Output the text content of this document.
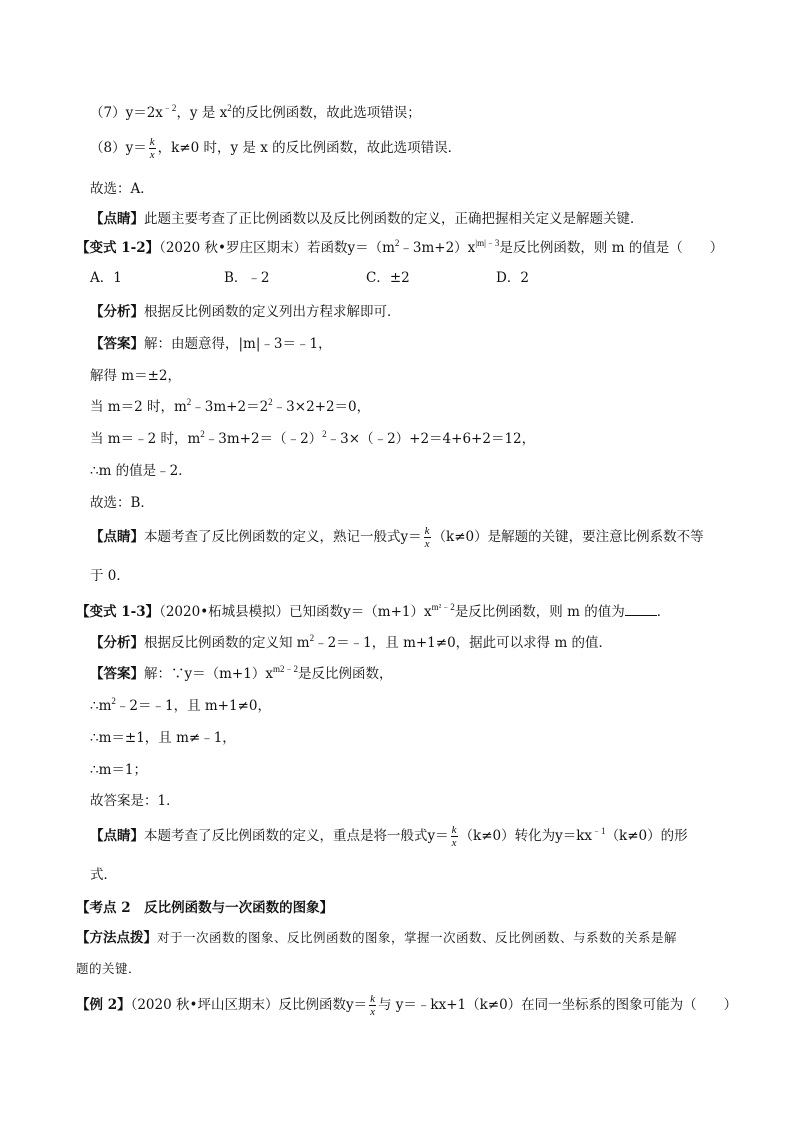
$(7)y=2x^{﹣2}$，y 是 $x^2$的反比例函数，故此选项错误；
$(8)y= \frac{k}{x}$ ，k≠0 时，y 是 x 的反比例函数，故此选项错误．
故选：A．
【点睛】此题主要考查了正比例函数以及反比例函数的定义，正确把握相关定义是解题关键．
【变式 1-2】（2020 秋•罗庄区期末）若函数$y=(m^2﹣3m+2)x^{|m|﹣3}$是反比例函数，则 m 的值是（　　）
A．1	B．﹣2	C．±2	D．2
【分析】根据反比例函数的定义列出方程求解即可．
【答案】解：由题意得，|m|﹣3＝﹣1，
解得 m＝±2，
当 m＝2 时，$m^2﹣3m+2=2^2﹣3\times 2+2=0$，
当 m＝﹣2 时，$m^2﹣3m+2=(﹣2)^2﹣3\times(﹣2)+2=4+6+2=12$，
∴m 的值是﹣2．
故选：B．
【点睛】本题考查了反比例函数的定义，熟记一般式$y= \frac{k}{x} (k\ne 0)$是解题的关键，要注意比例系数不等
于 0．
【变式 1-3】（2020•柘城县模拟）已知函数$y=(m+1)x^{m^2﹣2}$是反比例函数，则 m 的值为 ．
【分析】根据反比例函数的定义知 $m^2﹣2=﹣1$，且 m+1≠0，据此可以求得 m 的值．
【答案】解：$\because y=(m+1)x^{m2﹣2}$是反比例函数，
$\therefore m^2﹣2=﹣1$，且 m+1≠0，
∴m＝±1，且 m≠﹣1，
∴m＝1；
故答案是：1．
【点睛】本题考查了反比例函数的定义，重点是将一般式$y= \frac{k}{x} (k\ne 0)$转化为$y=kx^{﹣1}(k\ne 0)$的形
式．
【考点 2　反比例函数与一次函数的图象】
【方法点拨】对于一次函数的图象、反比例函数的图象，掌握一次函数、反比例函数、与系数的关系是解
题的关键．
【例 2】（2020 秋•坪山区期末）反比例函数$y= \frac{k}{x}$ 与 y＝﹣kx+1（k≠0）在同一坐标系的图象可能为（　　）
